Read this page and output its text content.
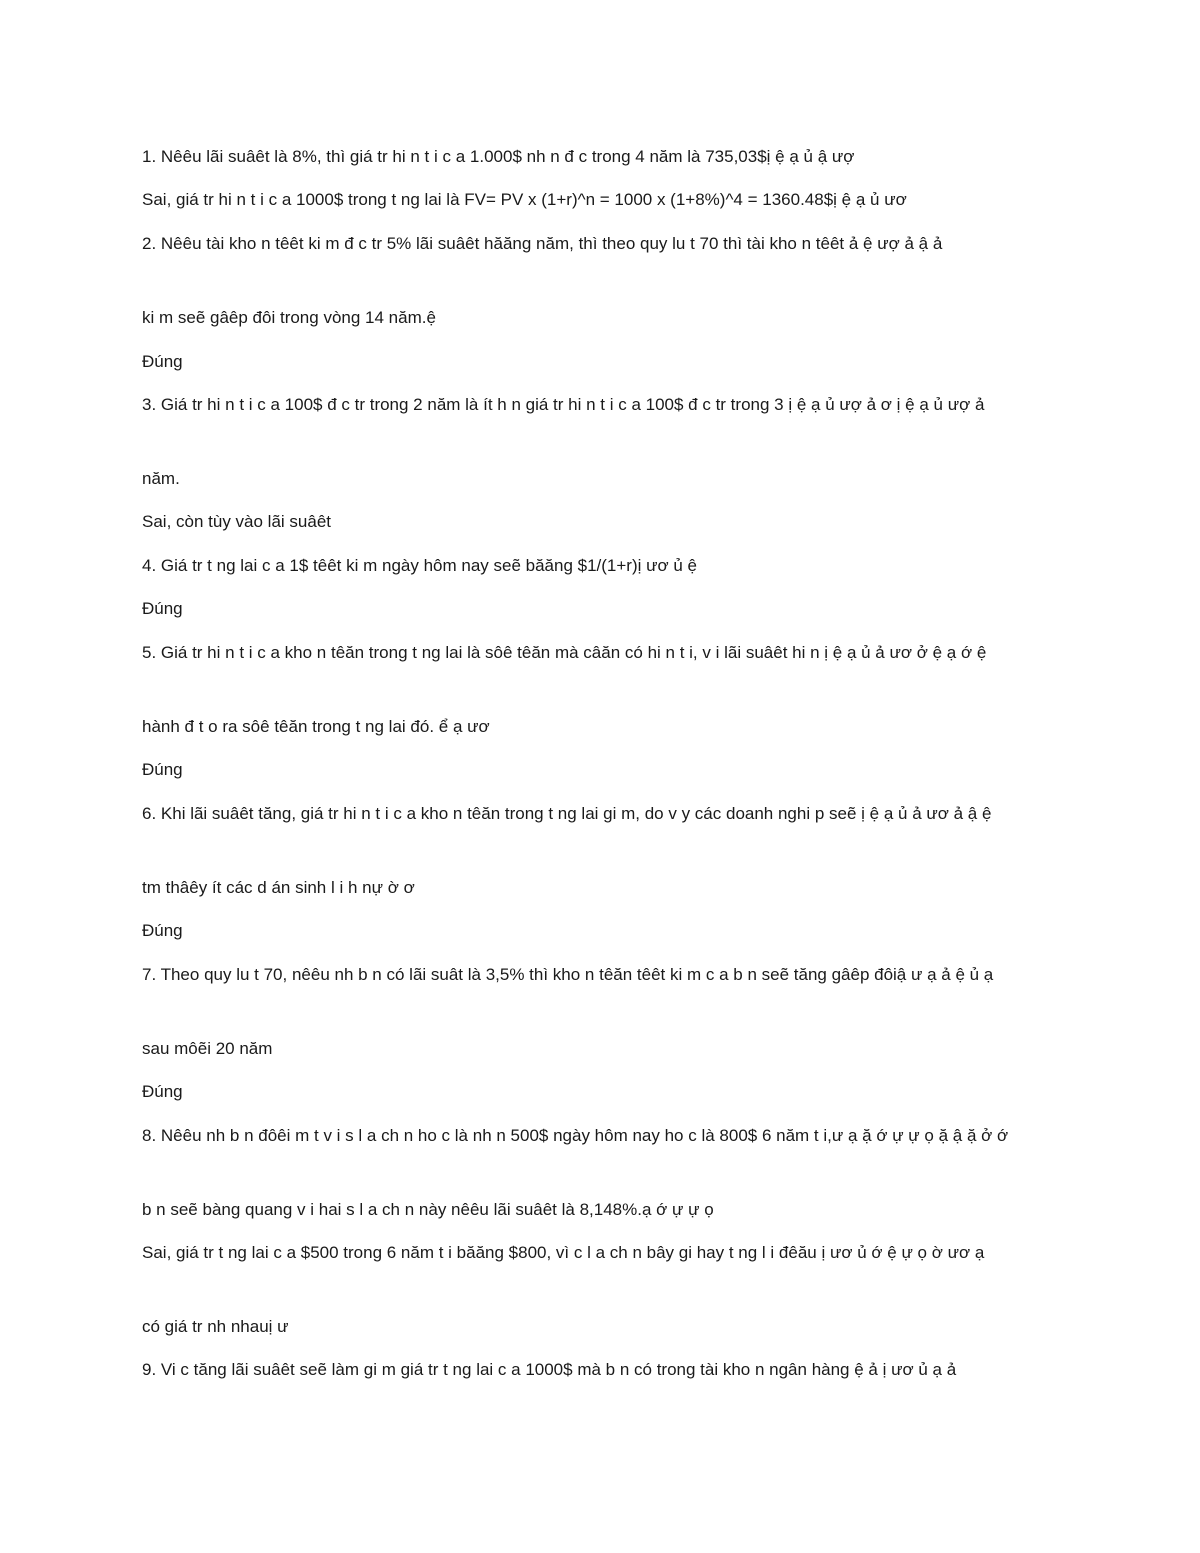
1. Nêêu lãi suâêt là 8%, thì giá tr hi n t i c a 1.000$ nh n đ c trong 4 năm là 735,03$ị ệ ạ ủ ậ ượ
Sai, giá tr hi n t i c a 1000$ trong t ng lai là FV= PV x (1+r)^n = 1000 x (1+8%)^4 = 1360.48$ị ệ ạ ủ ươ
2. Nêêu tài kho n têêt ki m đ c tr 5% lãi suâêt hăăng năm, thì theo quy lu t 70 thì tài kho n têêt ả ệ ượ ả ậ ả
ki m seẽ gâêp đôi trong vòng 14 năm.ệ
Đúng
3. Giá tr hi n t i c a 100$ đ c tr trong 2 năm là ít h n giá tr hi n t i c a 100$ đ c tr trong 3 ị ệ ạ ủ ượ ả ơ ị ệ ạ ủ ượ ả
năm.
Sai, còn tùy vào lãi suâêt
4. Giá tr t ng lai c a 1$ têêt ki m ngày hôm nay seẽ băăng $1/(1+r)ị ươ ủ ệ
Đúng
5. Giá tr hi n t i c a kho n têăn trong t ng lai là sôê têăn mà câăn có hi n t i, v i lãi suâêt hi n ị ệ ạ ủ ả ươ ở ệ ạ ớ ệ
hành đ t o ra sôê têăn trong t ng lai đó. ể ạ ươ
Đúng
6. Khi lãi suâêt tăng, giá tr hi n t i c a kho n têăn trong t ng lai gi m, do v y các doanh nghi p seẽ ị ệ ạ ủ ả ươ ả ậ ệ
tm thâêy ít các d án sinh l i h nự ờ ơ
Đúng
7. Theo quy lu t 70, nêêu nh b n có lãi suât là 3,5% thì kho n têăn têêt ki m c a b n seẽ tăng gâêp đôiậ ư ạ ả ệ ủ ạ
sau môẽi 20 năm
Đúng
8. Nêêu nh b n đôêi m t v i s l a ch n ho c là nh n 500$ ngày hôm nay ho c là 800$ 6 năm t i,ư ạ ặ ớ ự ự ọ ặ ậ ặ ở ớ
b n seẽ bàng quang v i hai s l a ch n này nêêu lãi suâêt là 8,148%.ạ ớ ự ự ọ
Sai, giá tr t ng lai c a $500 trong 6 năm t i băăng $800, vì c l a ch n bây gi hay t ng l i đêău ị ươ ủ ớ ệ ự ọ ờ ươ ạ
có giá tr nh nhauị ư
9. Vi c tăng lãi suâêt seẽ làm gi m giá tr t ng lai c a 1000$ mà b n có trong tài kho n ngân hàng ệ ả ị ươ ủ ạ ả
